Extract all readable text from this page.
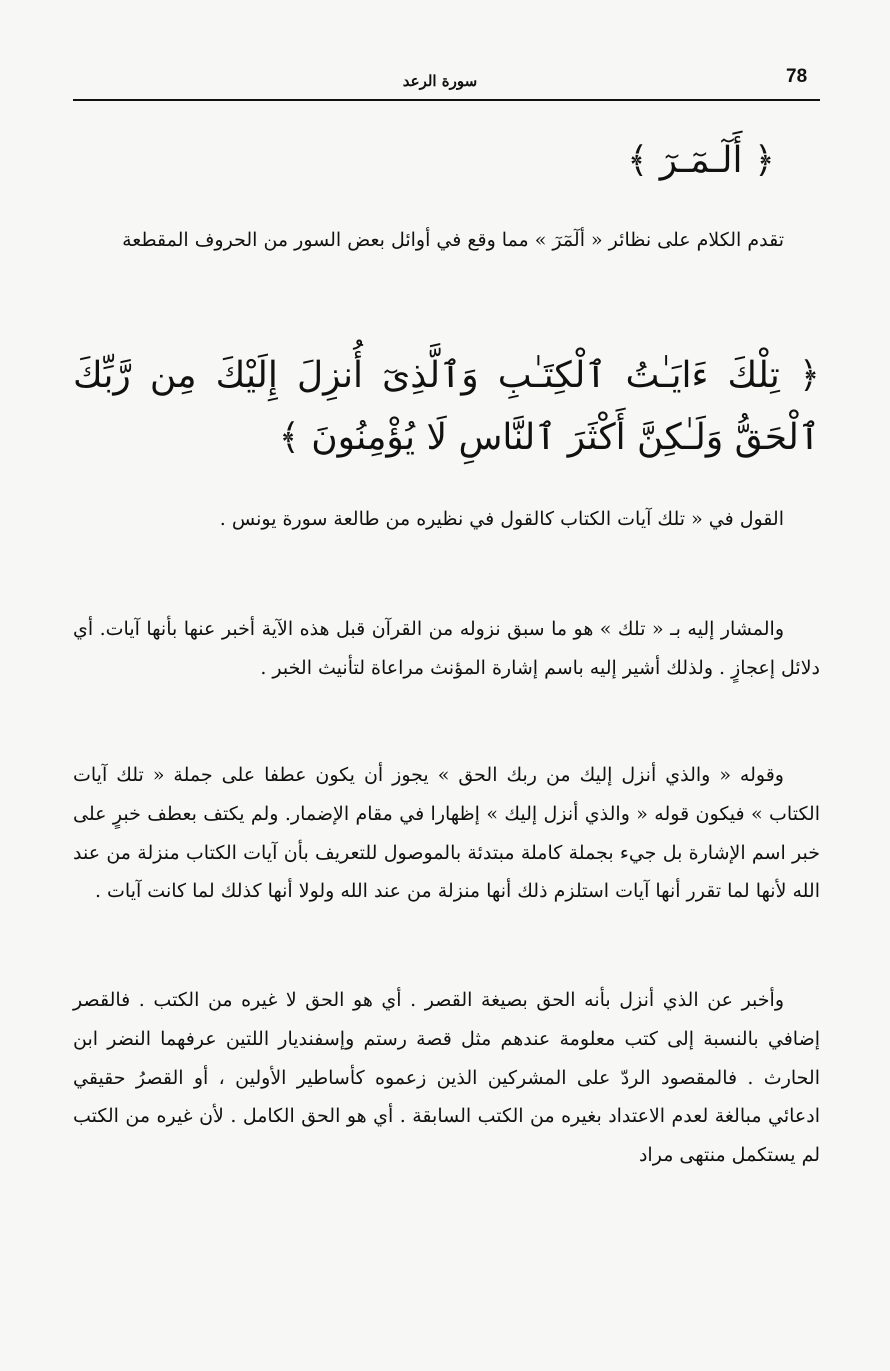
78
سورة الرعد
﴿ أَلٓـمٓـرٓ ﴾

تقدم الكلام على نظائر « ألٓمٓرٓ » مما وقع في أوائل بعض السور من الحروف المقطعة

﴿ تِلْكَ ءَايَـٰتُ ٱلْكِتَـٰبِ وَٱلَّذِىٓ أُنزِلَ إِلَيْكَ مِن رَّبِّكَ ٱلْحَقُّ وَلَـٰكِنَّ أَكْثَرَ ٱلنَّاسِ لَا يُؤْمِنُونَ ﴾

القول في « تلك آيات الكتاب كالقول في نظيره من طالعة سورة يونس .

والمشار إليه بـ « تلك » هو ما سبق نزوله من القرآن قبل هذه الآية أخبر عنها بأنها آيات. أي دلائل إعجازٍ . ولذلك أشير إليه باسم إشارة المؤنث مراعاة لتأنيث الخبر .

وقوله « والذي أنزل إليك من ربك الحق » يجوز أن يكون عطفا على جملة « تلك آيات الكتاب » فيكون قوله « والذي أنزل إليك » إظهارا في مقام الإضمار. ولم يكتف بعطف خبرٍ على خبر اسم الإشارة بل جيء بجملة كاملة مبتدئة بالموصول للتعريف بأن آيات الكتاب منزلة من عند الله لأنها لما تقرر أنها آيات استلزم ذلك أنها منزلة من عند الله ولولا أنها كذلك لما كانت آيات .

وأخبر عن الذي أنزل بأنه الحق بصيغة القصر . أي هو الحق لا غيره من الكتب . فالقصر إضافي بالنسبة إلى كتب معلومة عندهم مثل قصة رستم وإسفنديار اللتين عرفهما النضر ابن الحارث . فالمقصود الردّ على المشركين الذين زعموه كأساطير الأولين ، أو القصرُ حقيقي ادعائي مبالغة لعدم الاعتداد بغيره من الكتب السابقة . أي هو الحق الكامل . لأن غيره من الكتب لم يستكمل منتهى مراد
